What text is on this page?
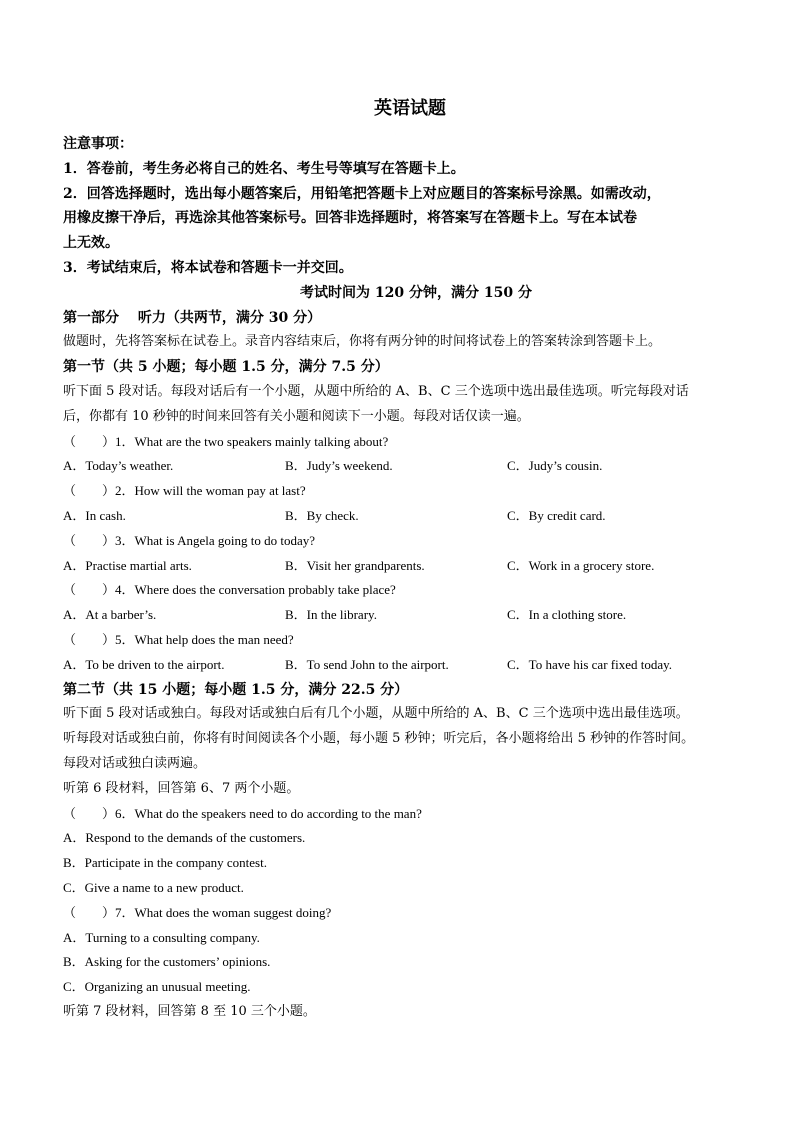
英语试题
注意事项：
1．答卷前，考生务必将自己的姓名、考生号等填写在答题卡上。
2．回答选择题时，选出每小题答案后，用铅笔把答题卡上对应题目的答案标号涂黑。如需改动，
用橡皮擦干净后，再选涂其他答案标号。回答非选择题时，将答案写在答题卡上。写在本试卷
上无效。
3．考试结束后，将本试卷和答题卡一并交回。
考试时间为 120 分钟，满分 150 分
第一部分　 听力（共两节，满分 30 分）
做题时，先将答案标在试卷上。录音内容结束后，你将有两分钟的时间将试卷上的答案转涂到答题卡上。
第一节（共 5 小题；每小题 1.5 分，满分 7.5 分）
听下面 5 段对话。每段对话后有一个小题，从题中所给的 A、B、C 三个选项中选出最佳选项。听完每段对话
后，你都有 10 秒钟的时间来回答有关小题和阅读下一小题。每段对话仅读一遍。
（　　）1．What are the two speakers mainly talking about?
A．Today’s weather.	B．Judy’s weekend.	C．Judy’s cousin.
（　　）2．How will the woman pay at last?
A．In cash.	B．By check.	C．By credit card.
（　　）3．What is Angela going to do today?
A．Practise martial arts.	B．Visit her grandparents.	C．Work in a grocery store.
（　　）4．Where does the conversation probably take place?
A．At a barber’s.	B．In the library.	C．In a clothing store.
（　　）5．What help does the man need?
A．To be driven to the airport.	B．To send John to the airport.	C．To have his car fixed today.
第二节（共 15 小题；每小题 1.5 分，满分 22.5 分）
听下面 5 段对话或独白。每段对话或独白后有几个小题，从题中所给的 A、B、C 三个选项中选出最佳选项。
听每段对话或独白前，你将有时间阅读各个小题，每小题 5 秒钟；听完后，各小题将给出 5 秒钟的作答时间。
每段对话或独白读两遍。
听第 6 段材料，回答第 6、7 两个小题。
（　　）6．What do the speakers need to do according to the man?
A．Respond to the demands of the customers.
B．Participate in the company contest.
C．Give a name to a new product.
（　　）7．What does the woman suggest doing?
A．Turning to a consulting company.
B．Asking for the customers’ opinions.
C．Organizing an unusual meeting.
听第 7 段材料，回答第 8 至 10 三个小题。
